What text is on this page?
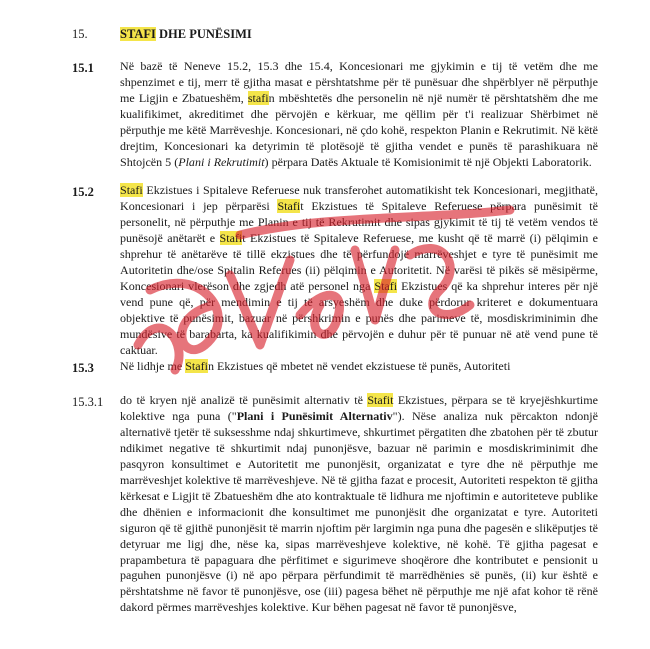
15.	STAFI DHE PUNËSIMI
15.1 Në bazë të Neneve 15.2, 15.3 dhe 15.4, Koncesionari me gjykimin e tij të vetëm dhe me shpenzimet e tij, merr të gjitha masat e përshtatshme për të punësuar dhe shpërblyer në përputhje me Ligjin e Zbatueshëm, stafin mbështetës dhe personelin në një numër të përshtatshëm dhe me kualifikimet, akreditimet dhe përvojën e kërkuar, me qëllim për t'i realizuar Shërbimet në përputhje me këtë Marrëveshje. Koncesionari, në çdo kohë, respekton Planin e Rekrutimit. Në këtë drejtim, Koncesionari ka detyrimin të plotësojë të gjitha vendet e punës të parashikuara në Shtojcën 5 (Plani i Rekrutimit) përpara Datës Aktuale të Komisionimit të një Objekti Laboratorik.
15.2 Stafi Ekzistues i Spitaleve Referuese nuk transferohet automatikisht tek Koncesionari, megjithatë, Koncesionari i jep përparësi Stafit Ekzistues të Spitaleve Referuese përpara punësimit të personelit, në përputhje me Planin e tij të Rekrutimit dhe sipas gjykimit të tij të vetëm vendos të punësojë anëtarët e Stafit Ekzistues të Spitaleve Referuese, me kusht që të marrë (i) pëlqimin e shprehur të anëtarëve të tillë ekzistues dhe të përfundojë marrëveshjet e tyre të punësimit me Autoritetin dhe/ose Spitalin Referues (ii) pëlqimin e Autoritetit. Në varësi të pikës së mësipërme, Koncesionari vlerëson dhe zgjedh atë personel nga Stafi Ekzistues që ka shprehur interes për një vend pune që, për mendimin e tij të arsyeshëm dhe duke përdorur kriteret e dokumentuara objektive të punësimit, bazuar në përshkrimin e punës dhe parimeve të, mosdiskriminimin dhe mundësive të barabarta, ka kualifikimin dhe përvojën e duhur për të punuar në atë vend pune të caktuar.
15.3 Në lidhje me Stafin Ekzistues që mbetet në vendet ekzistuese të punës, Autoriteti
15.3.1 do të kryen një analizë të punësimit alternativ të Stafit Ekzistues, përpara se të kryejëshkurtime kolektive nga puna ("Plani i Punësimit Alternativ"). Nëse analiza nuk përcakton ndonjë alternativë tjetër të suksesshme ndaj shkurtimeve, shkurtimet përgatiten dhe zbatohen për të zbutur ndikimet negative të shkurtimit ndaj punonjësve, bazuar në parimin e mosdiskriminimit dhe pasqyron konsultimet e Autoritetit me punonjësit, organizatat e tyre dhe në përputhje me marrëveshjet kolektive të marrëveshjeve. Në të gjitha fazat e procesit, Autoriteti respekton të gjitha kërkesat e Ligjit të Zbatueshëm dhe ato kontraktuale të lidhura me njoftimin e autoriteteve publike dhe dhënien e informacionit dhe konsultimet me punonjësit dhe organizatat e tyre. Autoriteti siguron që të gjithë punonjësit të marrin njoftim për largimin nga puna dhe pagesën e slikëputjes të detyruar me ligj dhe, nëse ka, sipas marrëveshjeve kolektive, në kohë. Të gjitha pagesat e prapambetura të papaguara dhe përfitimet e sigurimeve shoqërore dhe kontributet e pensionit u paguhen punonjësve (i) në apo përpara përfundimit të marrëdhënies së punës, (ii) kur është e përshtatshme në favor të punonjësve, ose (iii) pagesa bëhet në përputhje me një afat kohor të rënë dakord përmes marrëveshjes kolektive. Kur bëhen pagesat në favor të punonjësve,
